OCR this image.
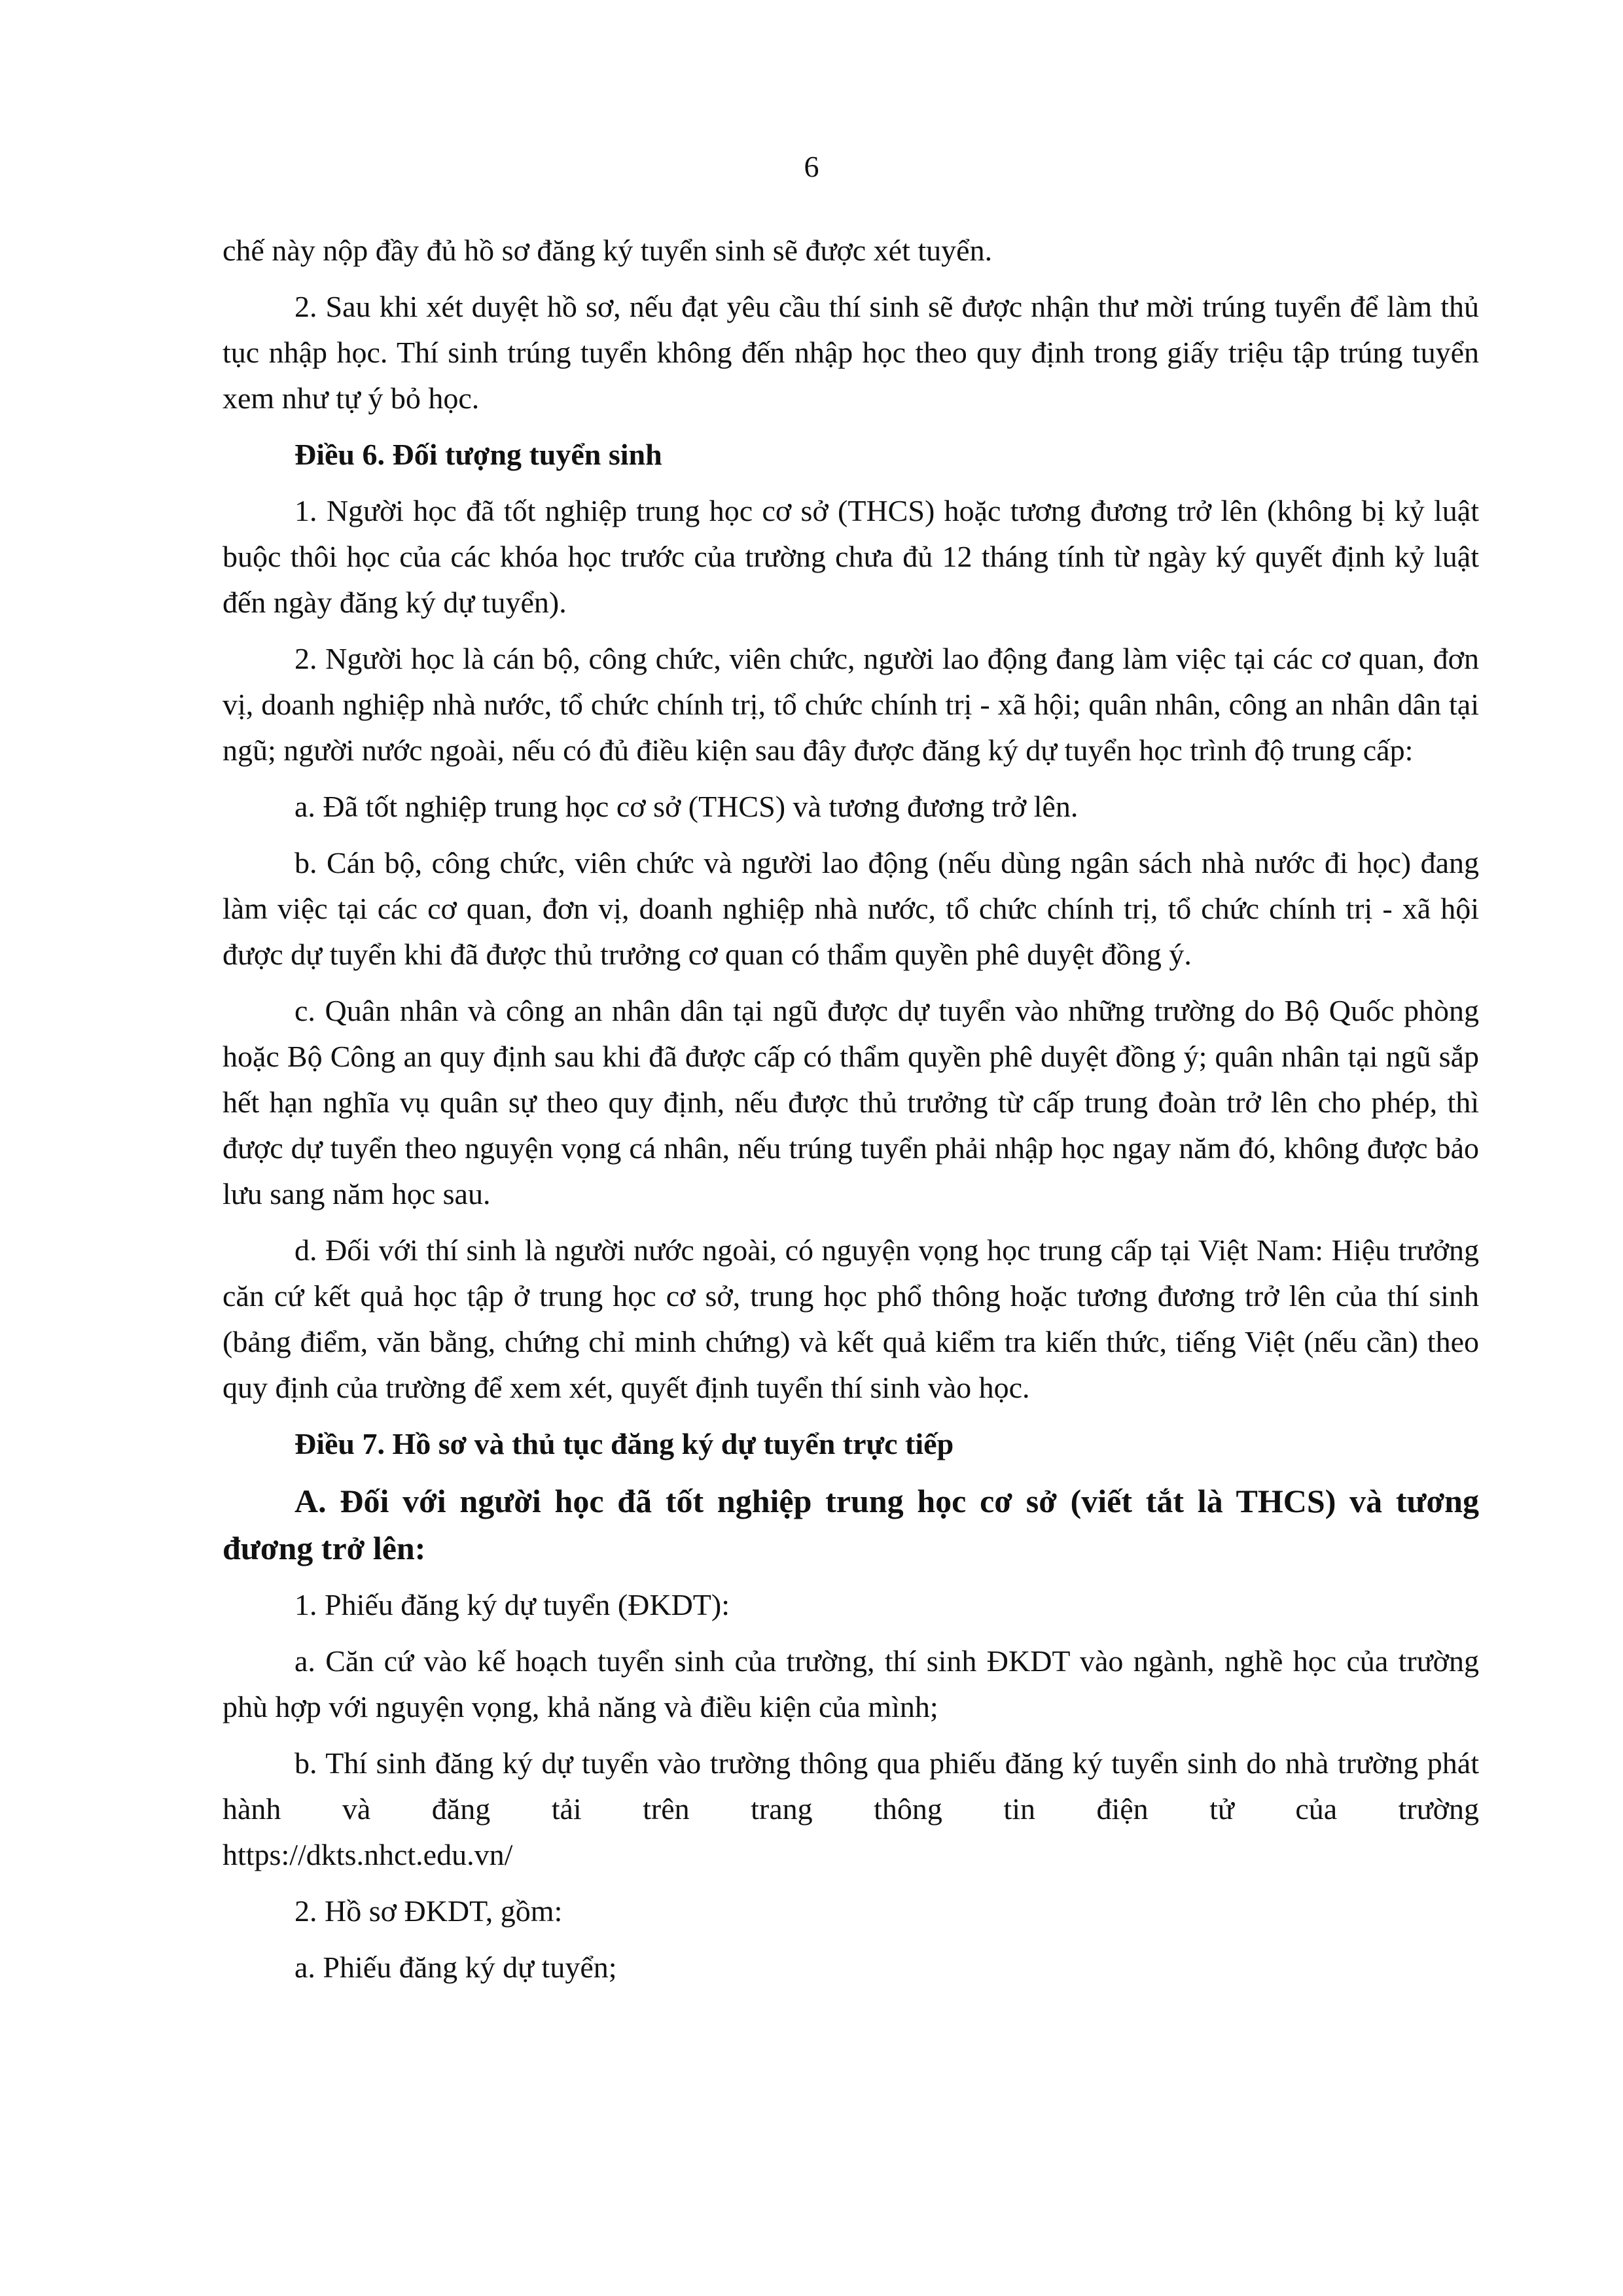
6

chế này nộp đầy đủ hồ sơ đăng ký tuyển sinh sẽ được xét tuyển.

2. Sau khi xét duyệt hồ sơ, nếu đạt yêu cầu thí sinh sẽ được nhận thư mời trúng tuyển để làm thủ tục nhập học. Thí sinh trúng tuyển không đến nhập học theo quy định trong giấy triệu tập trúng tuyển xem như tự ý bỏ học.

Điều 6. Đối tượng tuyển sinh

1. Người học đã tốt nghiệp trung học cơ sở (THCS) hoặc tương đương trở lên (không bị kỷ luật buộc thôi học của các khóa học trước của trường chưa đủ 12 tháng tính từ ngày ký quyết định kỷ luật đến ngày đăng ký dự tuyển).

2. Người học là cán bộ, công chức, viên chức, người lao động đang làm việc tại các cơ quan, đơn vị, doanh nghiệp nhà nước, tổ chức chính trị, tổ chức chính trị - xã hội; quân nhân, công an nhân dân tại ngũ; người nước ngoài, nếu có đủ điều kiện sau đây được đăng ký dự tuyển học trình độ trung cấp:

a. Đã tốt nghiệp trung học cơ sở (THCS) và tương đương trở lên.

b. Cán bộ, công chức, viên chức và người lao động (nếu dùng ngân sách nhà nước đi học) đang làm việc tại các cơ quan, đơn vị, doanh nghiệp nhà nước, tổ chức chính trị, tổ chức chính trị - xã hội được dự tuyển khi đã được thủ trưởng cơ quan có thẩm quyền phê duyệt đồng ý.

c. Quân nhân và công an nhân dân tại ngũ được dự tuyển vào những trường do Bộ Quốc phòng hoặc Bộ Công an quy định sau khi đã được cấp có thẩm quyền phê duyệt đồng ý; quân nhân tại ngũ sắp hết hạn nghĩa vụ quân sự theo quy định, nếu được thủ trưởng từ cấp trung đoàn trở lên cho phép, thì được dự tuyển theo nguyện vọng cá nhân, nếu trúng tuyển phải nhập học ngay năm đó, không được bảo lưu sang năm học sau.

d. Đối với thí sinh là người nước ngoài, có nguyện vọng học trung cấp tại Việt Nam: Hiệu trưởng căn cứ kết quả học tập ở trung học cơ sở, trung học phổ thông hoặc tương đương trở lên của thí sinh (bảng điểm, văn bằng, chứng chỉ minh chứng) và kết quả kiểm tra kiến thức, tiếng Việt (nếu cần) theo quy định của trường để xem xét, quyết định tuyển thí sinh vào học.

Điều 7. Hồ sơ và thủ tục đăng ký dự tuyển trực tiếp

A. Đối với người học đã tốt nghiệp trung học cơ sở (viết tắt là THCS) và tương đương trở lên:

1. Phiếu đăng ký dự tuyển (ĐKDT):

a. Căn cứ vào kế hoạch tuyển sinh của trường, thí sinh ĐKDT vào ngành, nghề học của trường phù hợp với nguyện vọng, khả năng và điều kiện của mình;

b. Thí sinh đăng ký dự tuyển vào trường thông qua phiếu đăng ký tuyển sinh do nhà trường phát hành và đăng tải trên trang thông tin điện tử của trường

https://dkts.nhct.edu.vn/

2. Hồ sơ ĐKDT, gồm:

a. Phiếu đăng ký dự tuyển;
